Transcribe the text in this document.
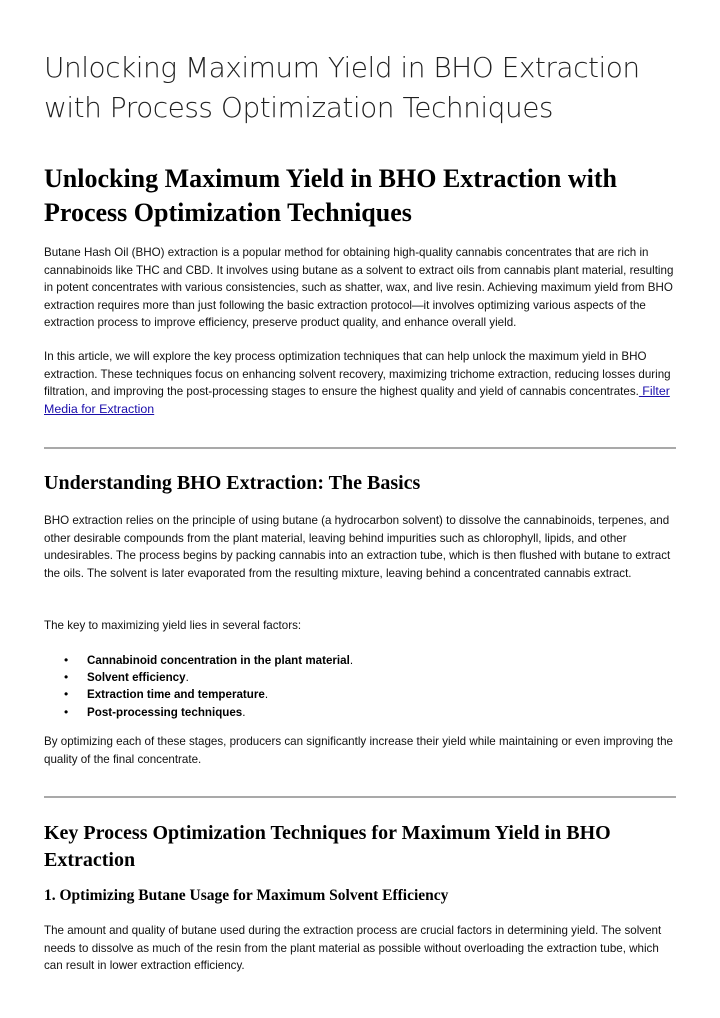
Unlocking Maximum Yield in BHO Extraction with Process Optimization Techniques
Unlocking Maximum Yield in BHO Extraction with Process Optimization Techniques

Butane Hash Oil (BHO) extraction is a popular method for obtaining high-quality cannabis concentrates that are rich in cannabinoids like THC and CBD. It involves using butane as a solvent to extract oils from cannabis plant material, resulting in potent concentrates with various consistencies, such as shatter, wax, and live resin. Achieving maximum yield from BHO extraction requires more than just following the basic extraction protocol—it involves optimizing various aspects of the extraction process to improve efficiency, preserve product quality, and enhance overall yield.

In this article, we will explore the key process optimization techniques that can help unlock the maximum yield in BHO extraction. These techniques focus on enhancing solvent recovery, maximizing trichome extraction, reducing losses during filtration, and improving the post-processing stages to ensure the highest quality and yield of cannabis concentrates. Filter Media for Extraction

Understanding BHO Extraction: The Basics

BHO extraction relies on the principle of using butane (a hydrocarbon solvent) to dissolve the cannabinoids, terpenes, and other desirable compounds from the plant material, leaving behind impurities such as chlorophyll, lipids, and other undesirables. The process begins by packing cannabis into an extraction tube, which is then flushed with butane to extract the oils. The solvent is later evaporated from the resulting mixture, leaving behind a concentrated cannabis extract.

The key to maximizing yield lies in several factors:

• Cannabinoid concentration in the plant material.
• Solvent efficiency.
• Extraction time and temperature.
• Post-processing techniques.

By optimizing each of these stages, producers can significantly increase their yield while maintaining or even improving the quality of the final concentrate.

Key Process Optimization Techniques for Maximum Yield in BHO Extraction
1. Optimizing Butane Usage for Maximum Solvent Efficiency

The amount and quality of butane used during the extraction process are crucial factors in determining yield. The solvent needs to dissolve as much of the resin from the plant material as possible without overloading the extraction tube, which can result in lower extraction efficiency.
